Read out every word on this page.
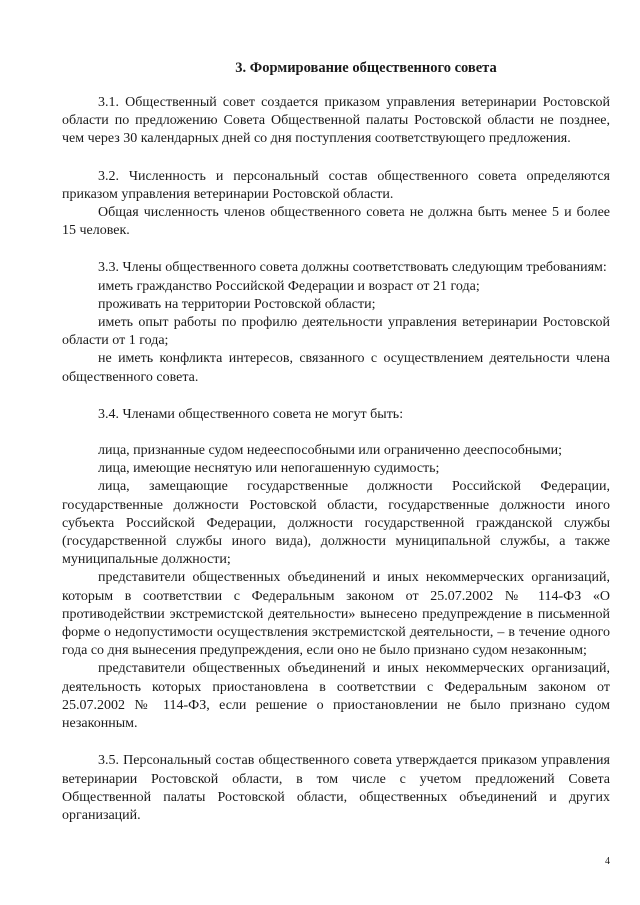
3. Формирование общественного совета

3.1. Общественный совет создается приказом управления ветеринарии Ростовской области по предложению Совета Общественной палаты Ростовской области не позднее, чем через 30 календарных дней со дня поступления соответствующего предложения.

3.2. Численность и персональный состав общественного совета определяются приказом управления ветеринарии Ростовской области.

Общая численность членов общественного совета не должна быть менее 5 и более 15 человек.

3.3. Члены общественного совета должны соответствовать следующим требованиям:

иметь гражданство Российской Федерации и возраст от 21 года;

проживать на территории Ростовской области;

иметь опыт работы по профилю деятельности управления ветеринарии Ростовской области от 1 года;

не иметь конфликта интересов, связанного с осуществлением деятельности члена общественного совета.

3.4. Членами общественного совета не могут быть:

лица, признанные судом недееспособными или ограниченно дееспособными;

лица, имеющие неснятую или непогашенную судимость;

лица, замещающие государственные должности Российской Федерации, государственные должности Ростовской области, государственные должности иного субъекта Российской Федерации, должности государственной гражданской службы (государственной службы иного вида), должности муниципальной службы, а также муниципальные должности;

представители общественных объединений и иных некоммерческих организаций, которым в соответствии с Федеральным законом от 25.07.2002 № 114-ФЗ «О противодействии экстремистской деятельности» вынесено предупреждение в письменной форме о недопустимости осуществления экстремистской деятельности, – в течение одного года со дня вынесения предупреждения, если оно не было признано судом незаконным;

представители общественных объединений и иных некоммерческих организаций, деятельность которых приостановлена в соответствии с Федеральным законом от 25.07.2002 № 114-ФЗ, если решение о приостановлении не было признано судом незаконным.

3.5. Персональный состав общественного совета утверждается приказом управления ветеринарии Ростовской области, в том числе с учетом предложений Совета Общественной палаты Ростовской области, общественных объединений и других организаций.

4
